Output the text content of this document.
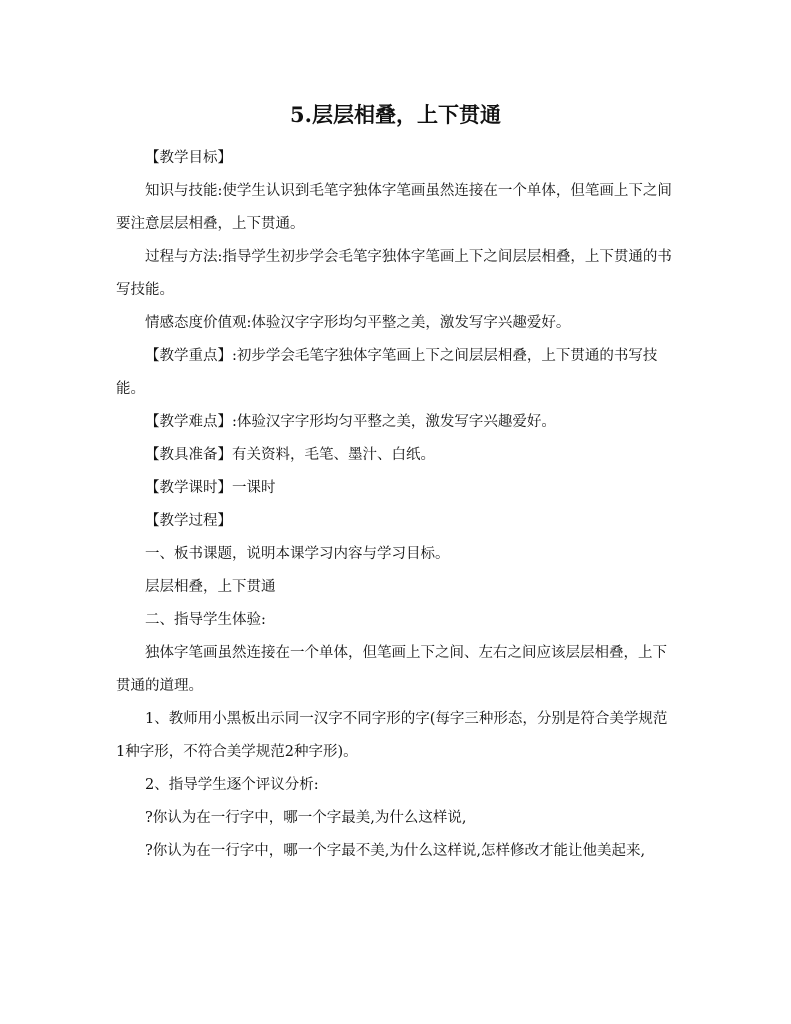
5.层层相叠，上下贯通

【教学目标】

知识与技能:使学生认识到毛笔字独体字笔画虽然连接在一个单体，但笔画上下之间要注意层层相叠，上下贯通。

过程与方法:指导学生初步学会毛笔字独体字笔画上下之间层层相叠，上下贯通的书写技能。

情感态度价值观:体验汉字字形均匀平整之美，激发写字兴趣爱好。

【教学重点】:初步学会毛笔字独体字笔画上下之间层层相叠，上下贯通的书写技能。

【教学难点】:体验汉字字形均匀平整之美，激发写字兴趣爱好。

【教具准备】有关资料，毛笔、墨汁、白纸。

【教学课时】一课时

【教学过程】

一、板书课题，说明本课学习内容与学习目标。

层层相叠，上下贯通

二、指导学生体验:

独体字笔画虽然连接在一个单体，但笔画上下之间、左右之间应该层层相叠，上下贯通的道理。

1、教师用小黑板出示同一汉字不同字形的字(每字三种形态，分别是符合美学规范1种字形，不符合美学规范2种字形)。

2、指导学生逐个评议分析:

?你认为在一行字中，哪一个字最美,为什么这样说,

?你认为在一行字中，哪一个字最不美,为什么这样说,怎样修改才能让他美起来,
